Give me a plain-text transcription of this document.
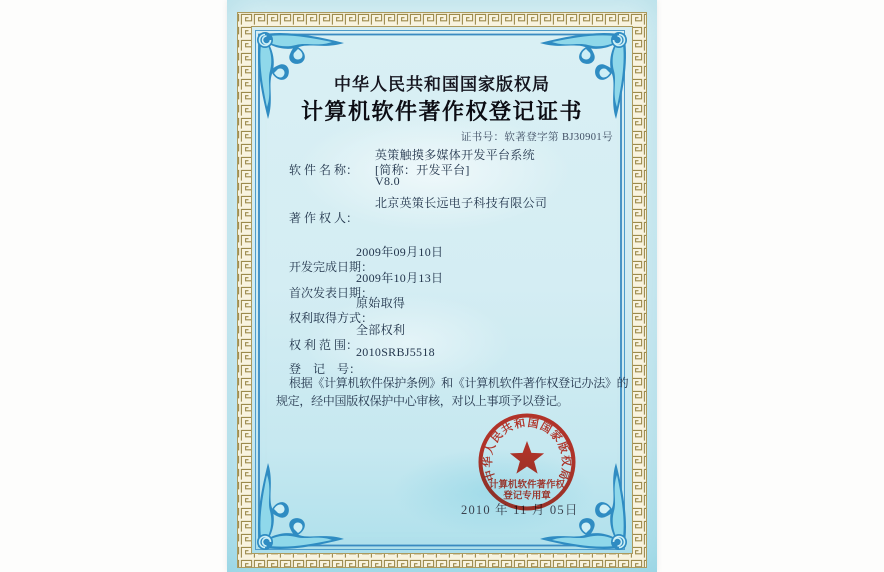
中华人民共和国国家版权局
计算机软件著作权登记证书
证书号：软著登字第 BJ30901号

软 件 名 称：

英策触摸多媒体开发平台系统

[简称：开发平台]
V8.0

著 作 权 人：

北京英策长远电子科技有限公司

开发完成日期：

2009年09月10日

首次发表日期：

2009年10月13日

权利取得方式：

原始取得

权 利 范 围：

全部权利

登　记　号：

2010SRBJ5518

根据《计算机软件保护条例》和《计算机软件著作权登记办法》的
规定，经中国版权保护中心审核，对以上事项予以登记。
2010 年 11 月 05日
中华人民共和国国家版权局
计算机软件著作权
登记专用章
